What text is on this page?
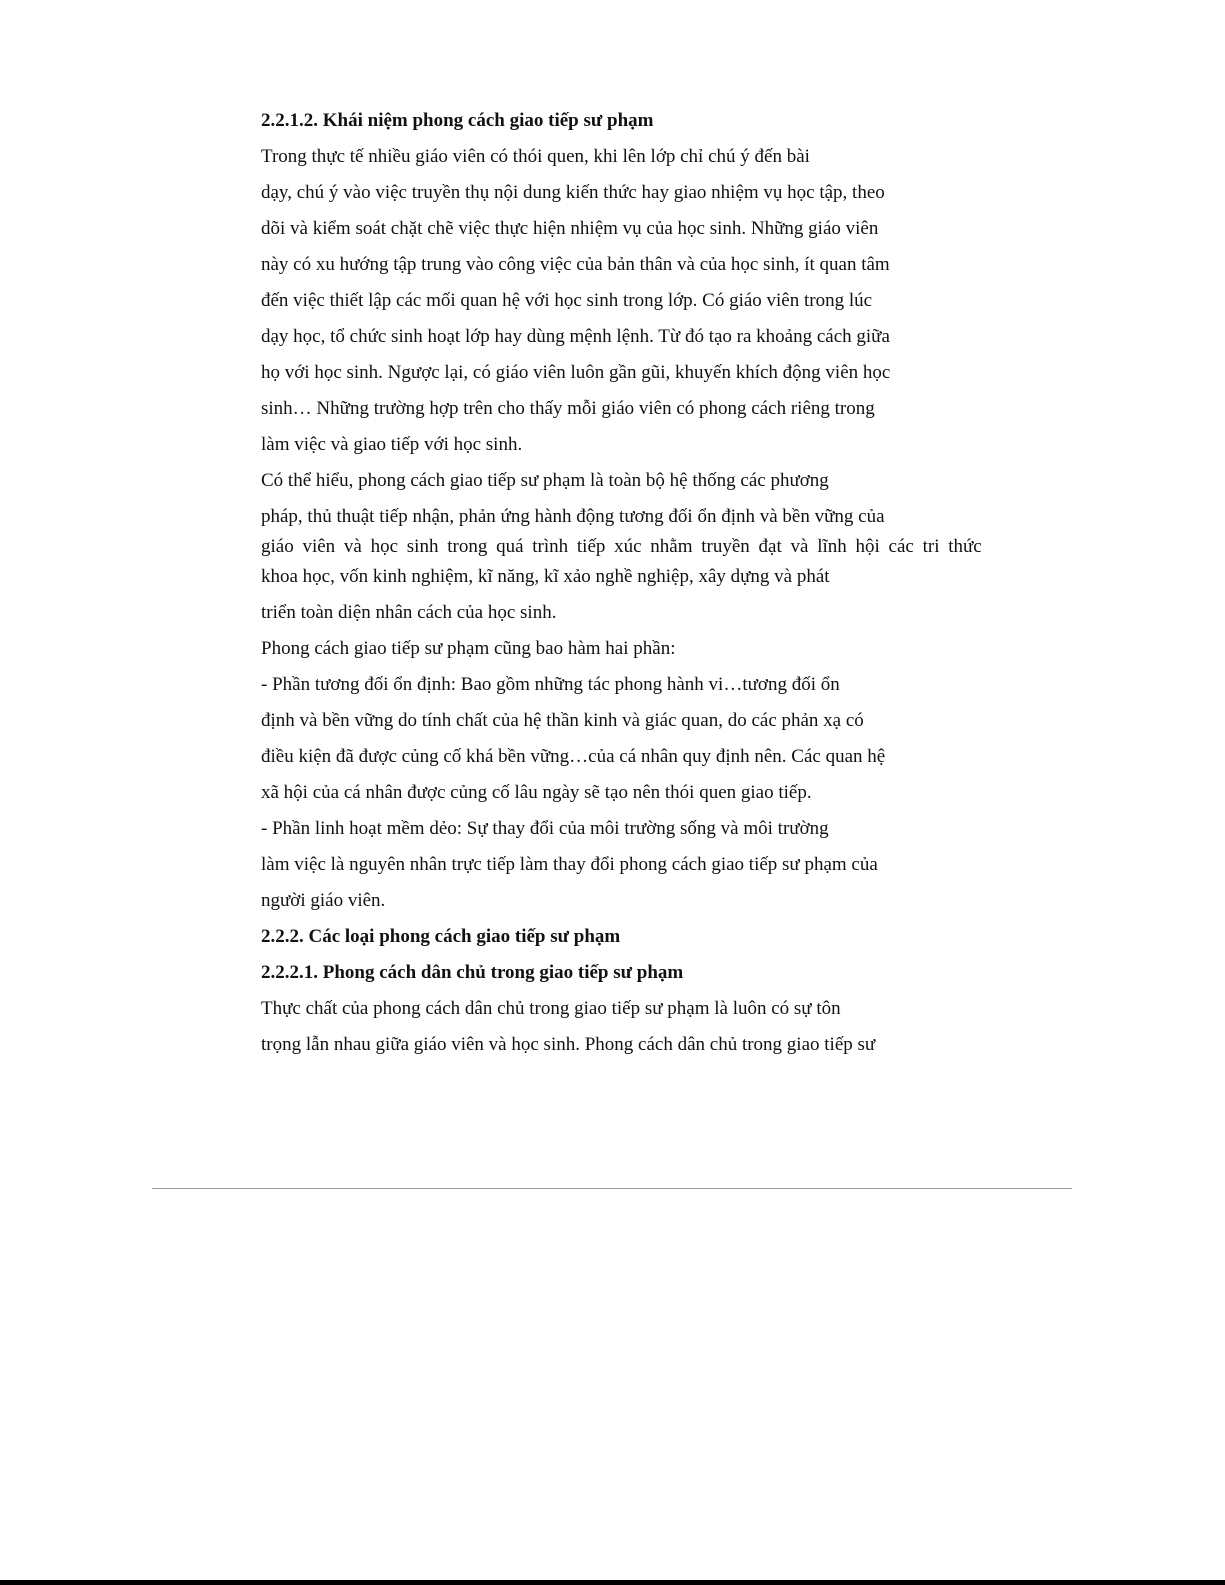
2.2.1.2. Khái niệm phong cách giao tiếp sư phạm
Trong thực tế nhiều giáo viên có thói quen, khi lên lớp chỉ chú ý đến bài
dạy, chú ý vào việc truyền thụ nội dung kiến thức hay giao nhiệm vụ học tập, theo
dõi và kiểm soát chặt chẽ việc thực hiện nhiệm vụ của học sinh. Những giáo viên
này có xu hướng tập trung vào công việc của bản thân và của học sinh, ít quan tâm
đến việc thiết lập các mối quan hệ với học sinh trong lớp. Có giáo viên trong lúc
dạy học, tổ chức sinh hoạt lớp hay dùng mệnh lệnh. Từ đó tạo ra khoảng cách giữa
họ với học sinh. Ngược lại, có giáo viên luôn gần gũi, khuyến khích động viên học
sinh… Những trường hợp trên cho thấy mỗi giáo viên có phong cách riêng trong
làm việc và giao tiếp với học sinh.
Có thể hiểu, phong cách giao tiếp sư phạm là toàn bộ hệ thống các phương
pháp, thủ thuật tiếp nhận, phản ứng hành động tương đối ổn định và bền vững của
giáo viên và học sinh trong quá trình tiếp xúc nhằm truyền đạt và lĩnh hội các tri thức
khoa học, vốn kinh nghiệm, kĩ năng, kĩ xảo nghề nghiệp, xây dựng và phát
triển toàn diện nhân cách của học sinh.
Phong cách giao tiếp sư phạm cũng bao hàm hai phần:
- Phần tương đối ổn định: Bao gồm những tác phong hành vi…tương đối ổn
định và bền vững do tính chất của hệ thần kinh và giác quan, do các phản xạ có
điều kiện đã được củng cố khá bền vững…của cá nhân quy định nên. Các quan hệ
xã hội của cá nhân được củng cố lâu ngày sẽ tạo nên thói quen giao tiếp.
- Phần linh hoạt mềm dẻo: Sự thay đổi của môi trường sống và môi trường
làm việc là nguyên nhân trực tiếp làm thay đổi phong cách giao tiếp sư phạm của
người giáo viên.
2.2.2. Các loại phong cách giao tiếp sư phạm
2.2.2.1. Phong cách dân chủ trong giao tiếp sư phạm
Thực chất của phong cách dân chủ trong giao tiếp sư phạm là luôn có sự tôn
trọng lẫn nhau giữa giáo viên và học sinh. Phong cách dân chủ trong giao tiếp sư
